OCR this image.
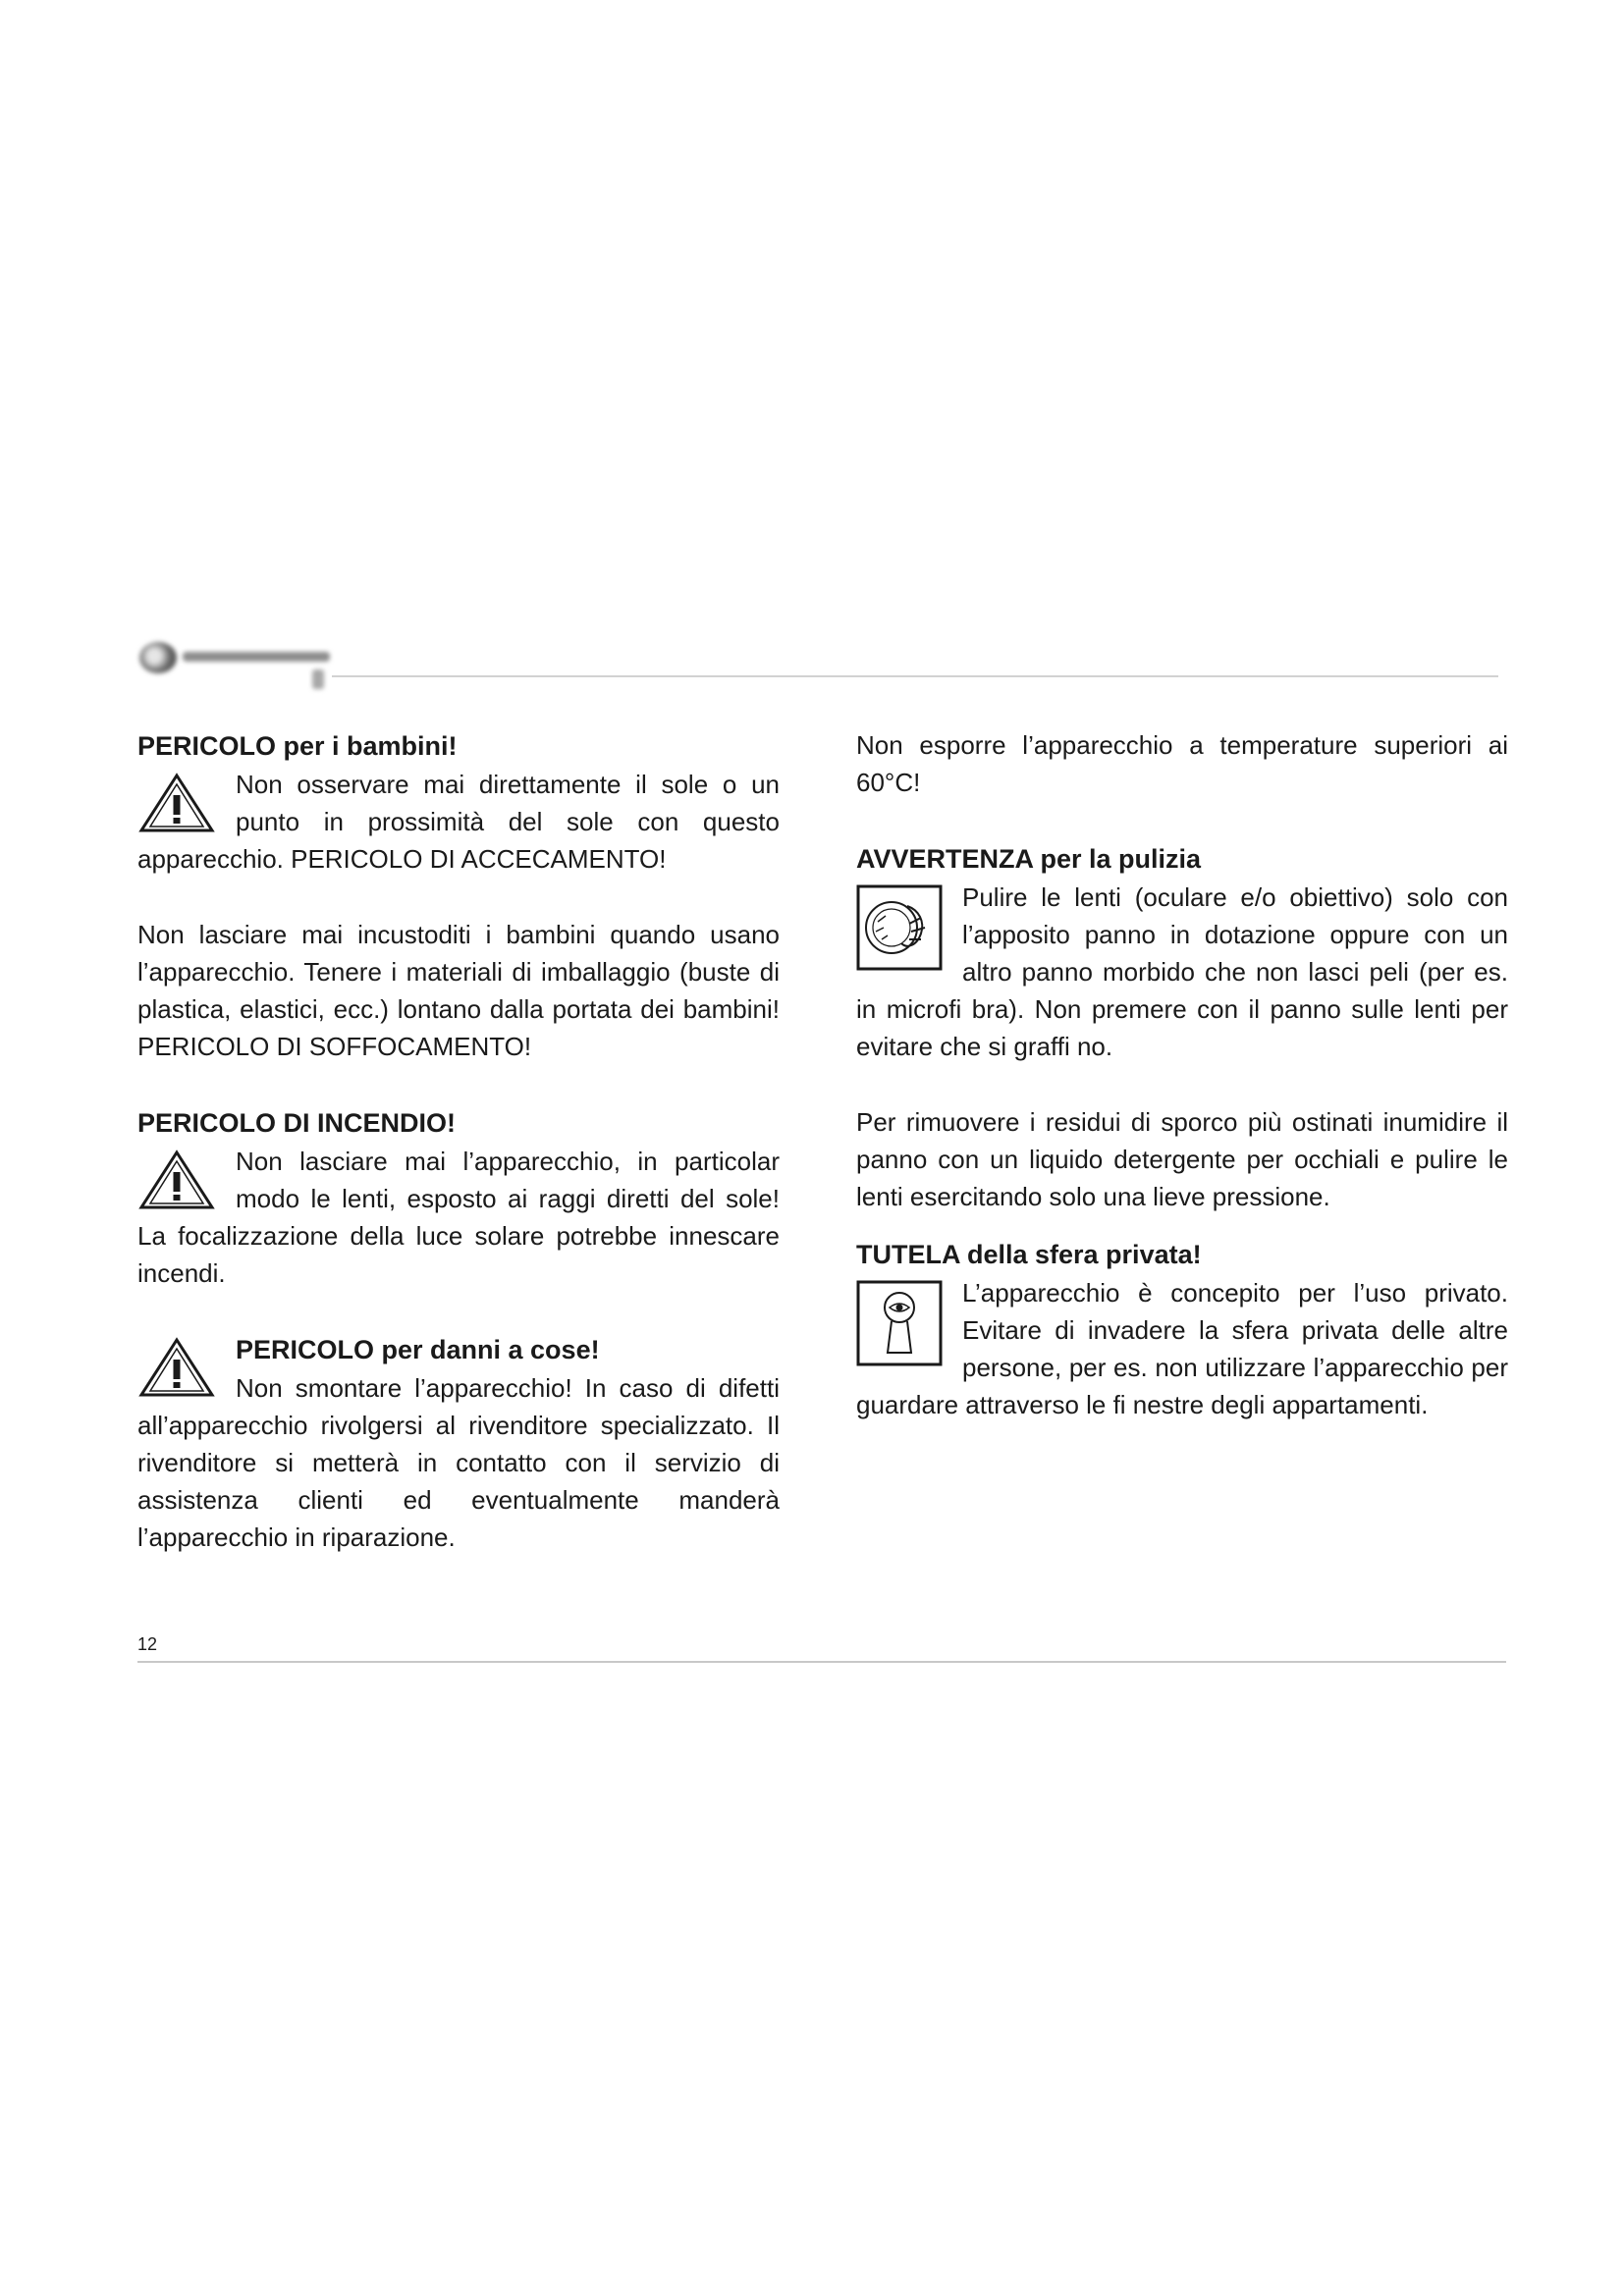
PERICOLO per i bambini!

Non osservare mai direttamente il sole o un punto in prossimità del sole con questo apparecchio. PERICOLO DI ACCECAMENTO!

Non lasciare mai incustoditi i bambini quando usano l’apparecchio. Tenere i materiali di imballaggio (buste di plastica, elastici, ecc.) lontano dalla portata dei bambini! PERICOLO DI SOFFOCAMENTO!

PERICOLO DI INCENDIO!

Non lasciare mai l’apparecchio, in particolar modo le lenti, esposto ai raggi diretti del sole! La focalizzazione della luce solare potrebbe innescare incendi.

PERICOLO per danni a cose!

Non smontare l’apparecchio! In caso di difetti all’apparecchio rivolgersi al rivenditore specializzato. Il rivenditore si metterà in contatto con il servizio di assistenza clienti ed eventualmente manderà l’apparecchio in riparazione.

Non esporre l’apparecchio a temperature superiori ai 60°C!

AVVERTENZA per la pulizia

Pulire le lenti (oculare e/o obiettivo) solo con l’apposito panno in dotazione oppure con un altro panno morbido che non lasci peli (per es. in microfi bra). Non premere con il panno sulle lenti per evitare che si graffi no.

Per rimuovere i residui di sporco più ostinati inumidire il panno con un liquido detergente per occhiali e pulire le lenti esercitando solo una lieve pressione.

TUTELA della sfera privata!

L’apparecchio è concepito per l’uso privato. Evitare di invadere la sfera privata delle altre persone, per es. non utilizzare l’apparecchio per guardare attraverso le fi nestre degli appartamenti.

12
